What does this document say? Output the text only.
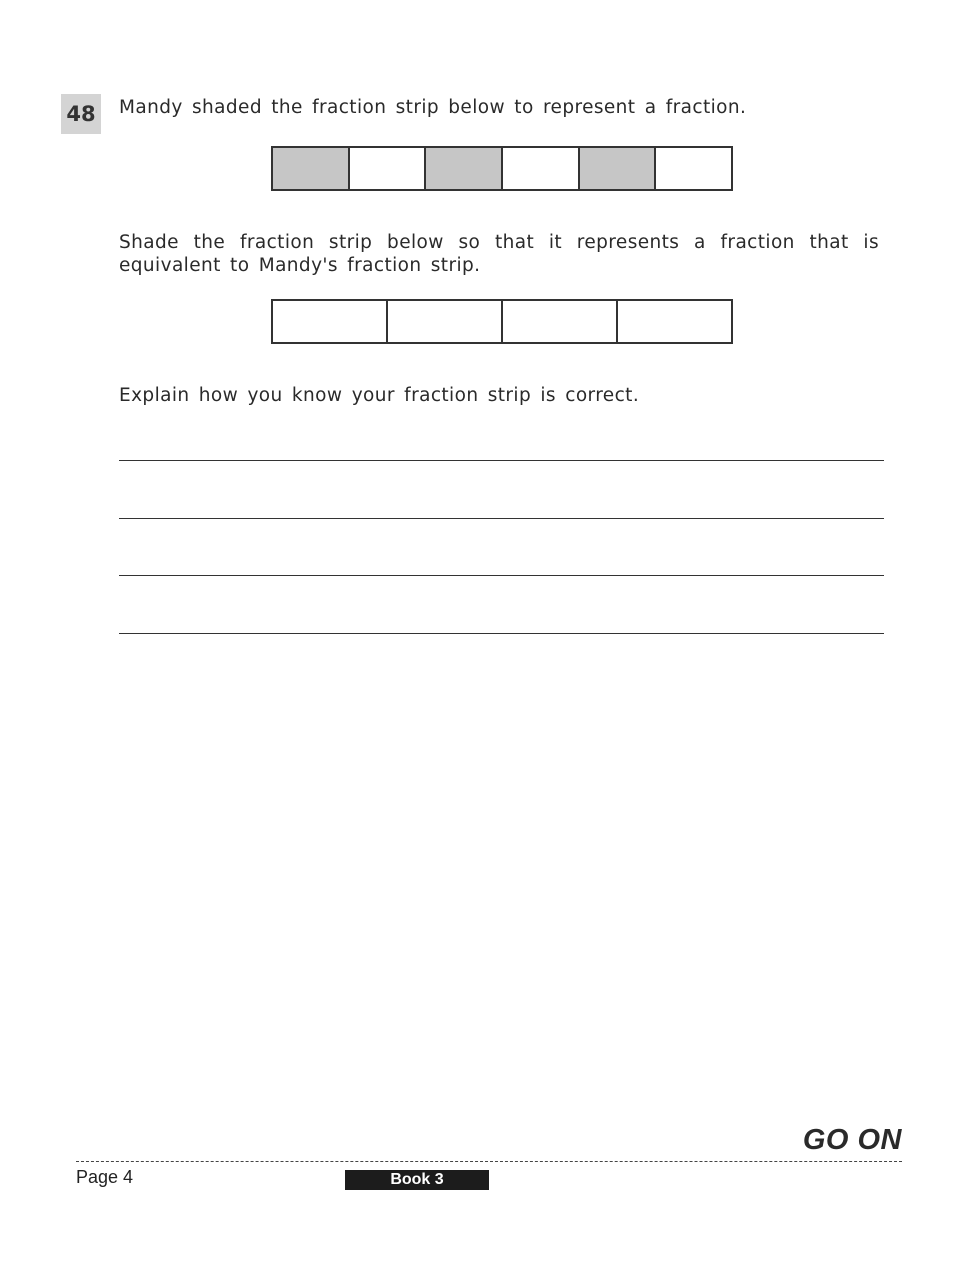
48 Mandy shaded the fraction strip below to represent a fraction.
Shade the fraction strip below so that it represents a fraction that is equivalent to Mandy's fraction strip.
Explain how you know your fraction strip is correct.
GO ON
Page 4	Book 3
